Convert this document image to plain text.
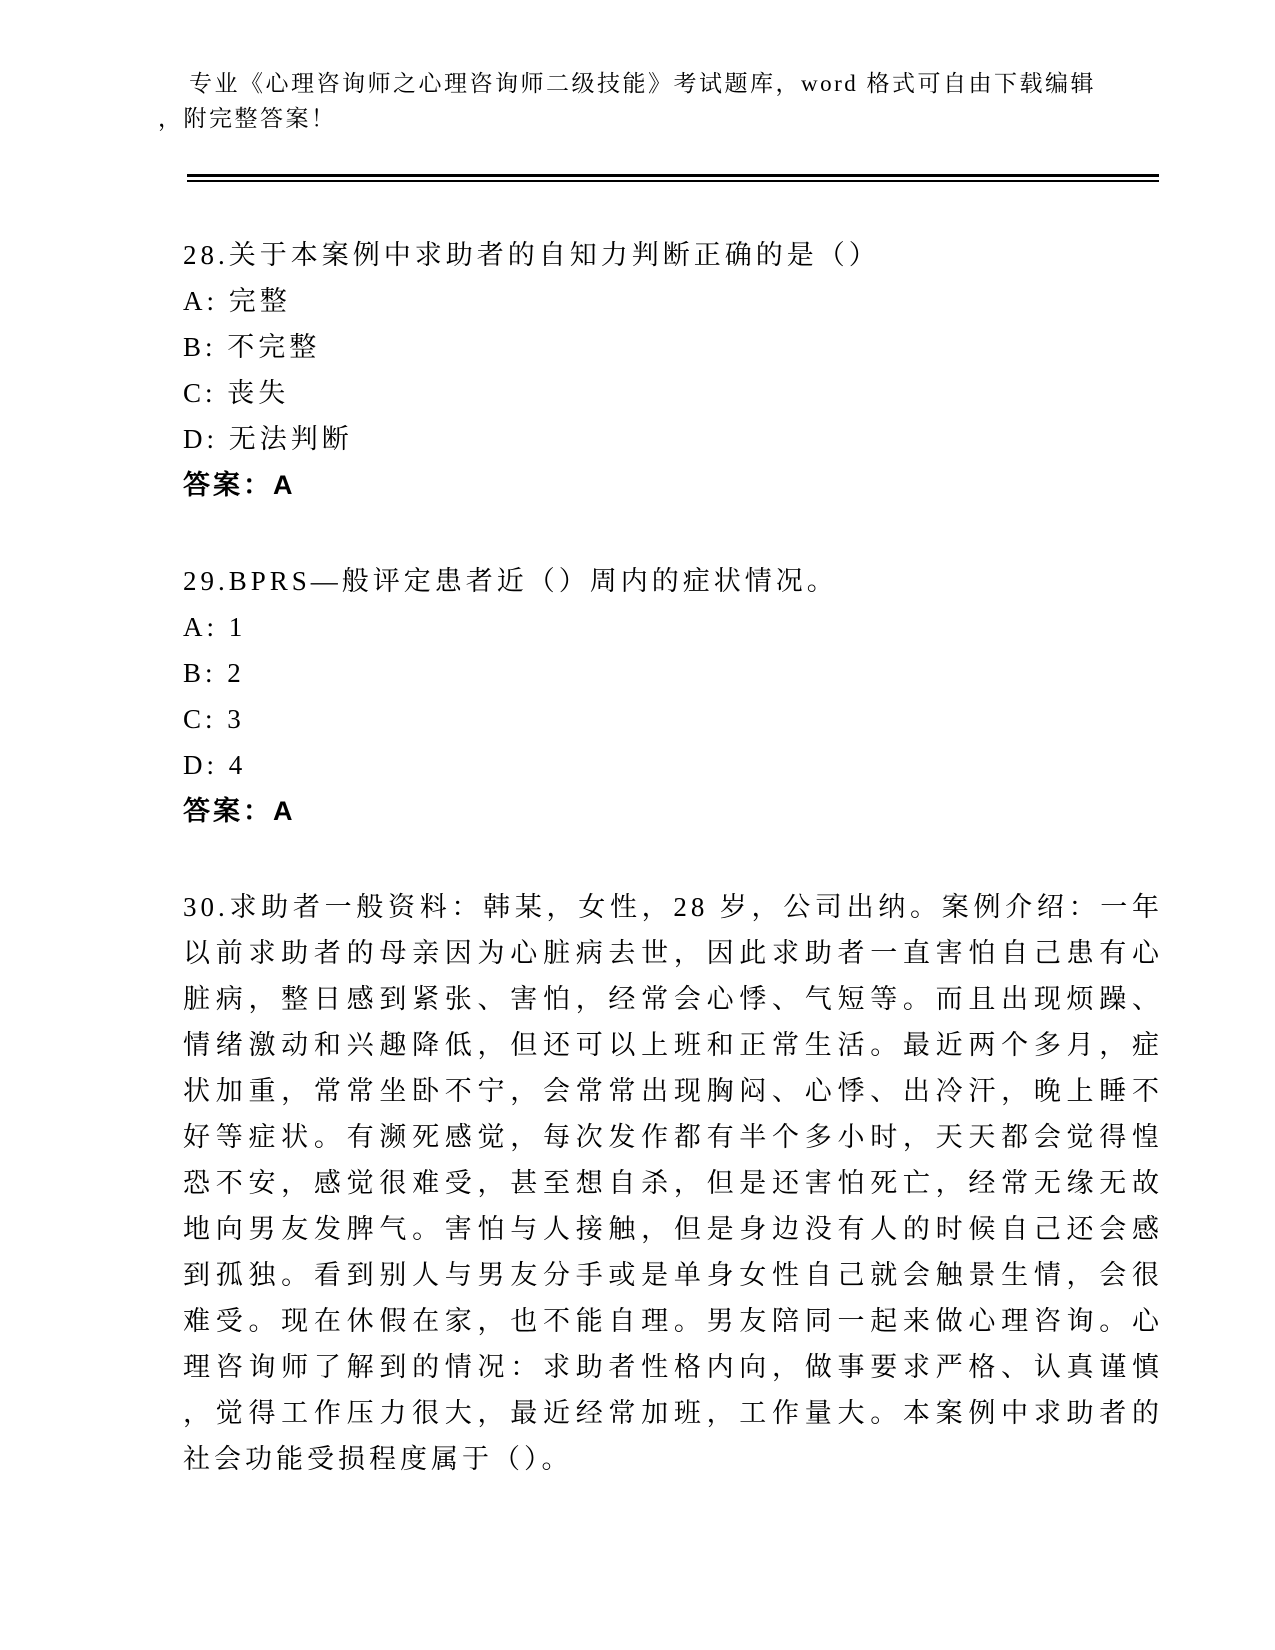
专业《心理咨询师之心理咨询师二级技能》考试题库，word 格式可自由下载编辑
，附完整答案！
28.关于本案例中求助者的自知力判断正确的是（）
A: 完整
B: 不完整
C: 丧失
D: 无法判断
答案：A
29.BPRS—般评定患者近（）周内的症状情况。
A: 1
B: 2
C: 3
D: 4
答案：A
30.求助者一般资料：韩某，女性，28 岁，公司出纳。案例介绍：一年
以前求助者的母亲因为心脏病去世，因此求助者一直害怕自己患有心
脏病，整日感到紧张、害怕，经常会心悸、气短等。而且出现烦躁、
情绪激动和兴趣降低，但还可以上班和正常生活。最近两个多月，症
状加重，常常坐卧不宁，会常常出现胸闷、心悸、出冷汗，晚上睡不
好等症状。有濒死感觉，每次发作都有半个多小时，天天都会觉得惶
恐不安，感觉很难受，甚至想自杀，但是还害怕死亡，经常无缘无故
地向男友发脾气。害怕与人接触，但是身边没有人的时候自己还会感
到孤独。看到别人与男友分手或是单身女性自己就会触景生情，会很
难受。现在休假在家，也不能自理。男友陪同一起来做心理咨询。心
理咨询师了解到的情况：求助者性格内向，做事要求严格、认真谨慎
，觉得工作压力很大，最近经常加班，工作量大。本案例中求助者的
社会功能受损程度属于（）。
